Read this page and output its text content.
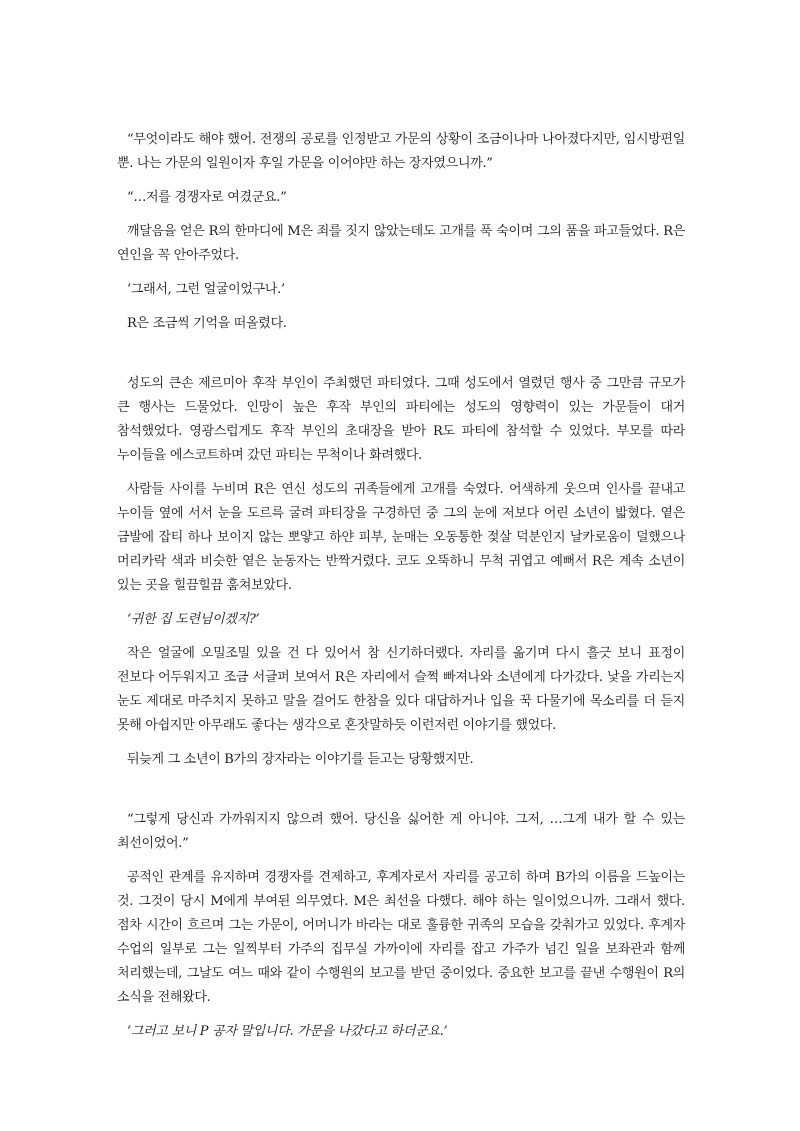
“무엇이라도 해야 했어. 전쟁의 공로를 인정받고 가문의 상황이 조금이나마 나아졌다지만, 임시방편일 뿐. 나는 가문의 일원이자 후일 가문을 이어야만 하는 장자였으니까.”

“…저를 경쟁자로 여겼군요.”

깨달음을 얻은 R의 한마디에 M은 죄를 짓지 않았는데도 고개를 푹 숙이며 그의 품을 파고들었다. R은 연인을 꼭 안아주었다.

‘그래서, 그런 얼굴이었구나.’

R은 조금씩 기억을 떠올렸다.

성도의 큰손 제르미아 후작 부인이 주최했던 파티였다. 그때 성도에서 열렸던 행사 중 그만큼 규모가 큰 행사는 드물었다. 인망이 높은 후작 부인의 파티에는 성도의 영향력이 있는 가문들이 대거 참석했었다. 영광스럽게도 후작 부인의 초대장을 받아 R도 파티에 참석할 수 있었다. 부모를 따라 누이들을 에스코트하며 갔던 파티는 무척이나 화려했다.

사람들 사이를 누비며 R은 연신 성도의 귀족들에게 고개를 숙였다. 어색하게 웃으며 인사를 끝내고 누이들 옆에 서서 눈을 도르륵 굴려 파티장을 구경하던 중 그의 눈에 저보다 어린 소년이 밟혔다. 옅은 금발에 잡티 하나 보이지 않는 뽀얗고 하얀 피부, 눈매는 오동통한 젖살 덕분인지 날카로움이 덜했으나 머리카락 색과 비슷한 옅은 눈동자는 반짝거렸다. 코도 오뚝하니 무척 귀엽고 예뻐서 R은 계속 소년이 있는 곳을 힐끔힐끔 훔쳐보았다.

‘귀한 집 도련님이겠지?’

작은 얼굴에 오밀조밀 있을 건 다 있어서 참 신기하더랬다. 자리를 옮기며 다시 흘긋 보니 표정이 전보다 어두워지고 조금 서글퍼 보여서 R은 자리에서 슬쩍 빠져나와 소년에게 다가갔다. 낯을 가리는지 눈도 제대로 마주치지 못하고 말을 걸어도 한참을 있다 대답하거나 입을 꾹 다물기에 목소리를 더 듣지 못해 아쉽지만 아무래도 좋다는 생각으로 혼잣말하듯 이런저런 이야기를 했었다.

뒤늦게 그 소년이 B가의 장자라는 이야기를 듣고는 당황했지만.

“그렇게 당신과 가까워지지 않으려 했어. 당신을 싫어한 게 아니야. 그저, …그게 내가 할 수 있는 최선이었어.”

공적인 관계를 유지하며 경쟁자를 견제하고, 후계자로서 자리를 공고히 하며 B가의 이름을 드높이는 것. 그것이 당시 M에게 부여된 의무였다. M은 최선을 다했다. 해야 하는 일이었으니까. 그래서 했다. 점차 시간이 흐르며 그는 가문이, 어머니가 바라는 대로 훌륭한 귀족의 모습을 갖춰가고 있었다. 후계자 수업의 일부로 그는 일찍부터 가주의 집무실 가까이에 자리를 잡고 가주가 넘긴 일을 보좌관과 함께 처리했는데, 그날도 여느 때와 같이 수행원의 보고를 받던 중이었다. 중요한 보고를 끝낸 수행원이 R의 소식을 전해왔다.

‘그러고 보니 P 공자 말입니다. 가문을 나갔다고 하더군요.’
